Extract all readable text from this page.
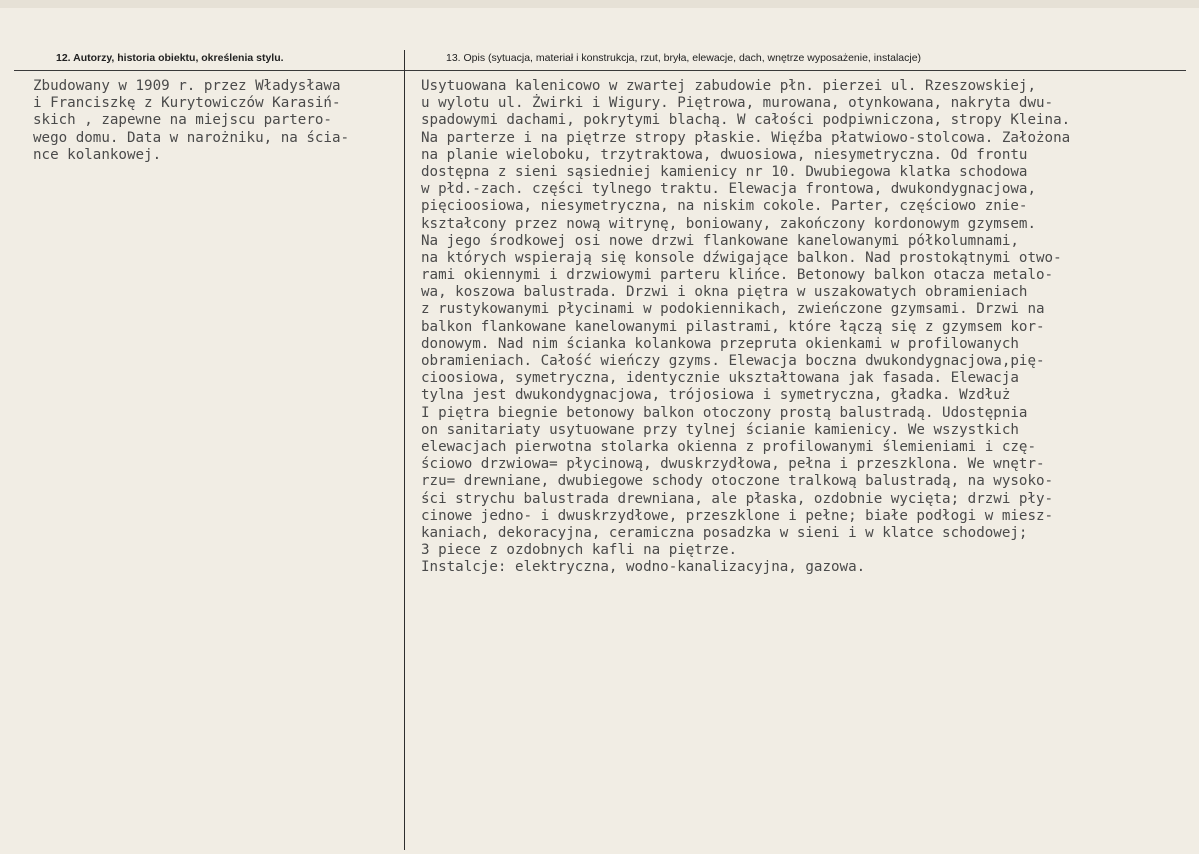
12. Autorzy, historia obiektu, określenia stylu.	13. Opis (sytuacja, materiał i konstrukcja, rzut, bryła, elewacje, dach, wnętrze wyposażenie, instalacje)
Zbudowany w 1909 r. przez Władysława
i Franciszkę z Kurytowiczów Karasiń-
skich , zapewne na miejscu partero-
wego domu. Data w narożniku, na ścia-
nce kolankowej.
Usytuowana kalenicowo w zwartej zabudowie płn. pierzei ul. Rzeszowskiej,
u wylotu ul. Żwirki i Wigury. Piętrowa, murowana, otynkowana, nakryta dwu-
spadowymi dachami, pokrytymi blachą. W całości podpiwniczona, stropy Kleina.
Na parterze i na piętrze stropy płaskie. Więźba płatwiowo-stolcowa. Założona
na planie wieloboku, trzytraktowa, dwuosiowa, niesymetryczna. Od frontu
dostępna z sieni sąsiedniej kamienicy nr 10. Dwubiegowa klatka schodowa
w płd.-zach. części tylnego traktu. Elewacja frontowa, dwukondygnacjowa,
pięcioosiowa, niesymetryczna, na niskim cokole. Parter, częściowo znie-
kształcony przez nową witrynę, boniowany, zakończony kordonowym gzymsem.
Na jego środkowej osi nowe drzwi flankowane kanelowanymi półkolumnami,
na których wspierają się konsole dźwigające balkon. Nad prostokątnymi otwo-
rami okiennymi i drzwiowymi parteru klińce. Betonowy balkon otacza metalo-
wa, koszowa balustrada. Drzwi i okna piętra w uszakowatych obramieniach
z rustykowanymi płycinami w podokiennikach, zwieńczone gzymsami. Drzwi na
balkon flankowane kanelowanymi pilastrami, które łączą się z gzymsem kor-
donowym. Nad nim ścianka kolankowa przepruta okienkami w profilowanych
obramieniach. Całość wieńczy gzyms. Elewacja boczna dwukondygnacjowa,pię-
cioosiowa, symetryczna, identycznie ukształtowana jak fasada. Elewacja
tylna jest dwukondygnacjowa, trójosiowa i symetryczna, gładka. Wzdłuż
I piętra biegnie betonowy balkon otoczony prostą balustradą. Udostępnia
on sanitariaty usytuowane przy tylnej ścianie kamienicy. We wszystkich
elewacjach pierwotna stolarka okienna z profilowanymi ślemieniami i czę-
ściowo drzwiowa= płycinową, dwuskrzydłowa, pełna i przeszklona. We wnętr-
rzu= drewniane, dwubiegowe schody otoczone tralkową balustradą, na wysoko-
ści strychu balustrada drewniana, ale płaska, ozdobnie wycięta; drzwi pły-
cinowe jedno- i dwuskrzydłowe, przeszklone i pełne; białe podłogi w miesz-
kaniach, dekoracyjna, ceramiczna posadzka w sieni i w klatce schodowej;
3 piece z ozdobnych kafli na piętrze.
Instalcje: elektryczna, wodno-kanalizacyjna, gazowa.
